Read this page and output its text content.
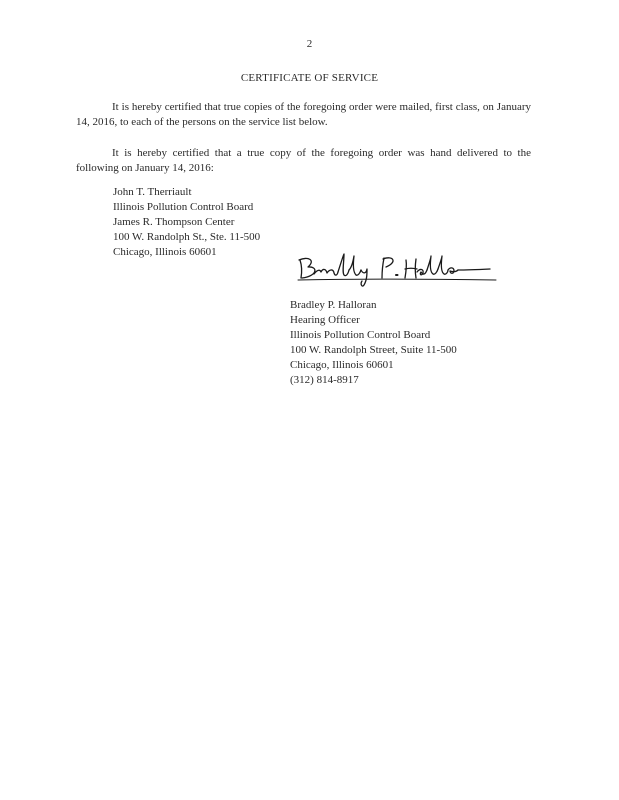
2
CERTIFICATE OF SERVICE

It is hereby certified that true copies of the foregoing order were mailed, first class, on January 14, 2016, to each of the persons on the service list below.

It is hereby certified that a true copy of the foregoing order was hand delivered to the following on January 14, 2016:

John T. Therriault
Illinois Pollution Control Board
James R. Thompson Center
100 W. Randolph St., Ste. 11-500
Chicago, Illinois 60601
Bradley P. Halloran
Hearing Officer
Illinois Pollution Control Board
100 W. Randolph Street, Suite 11-500
Chicago, Illinois 60601
(312) 814-8917
